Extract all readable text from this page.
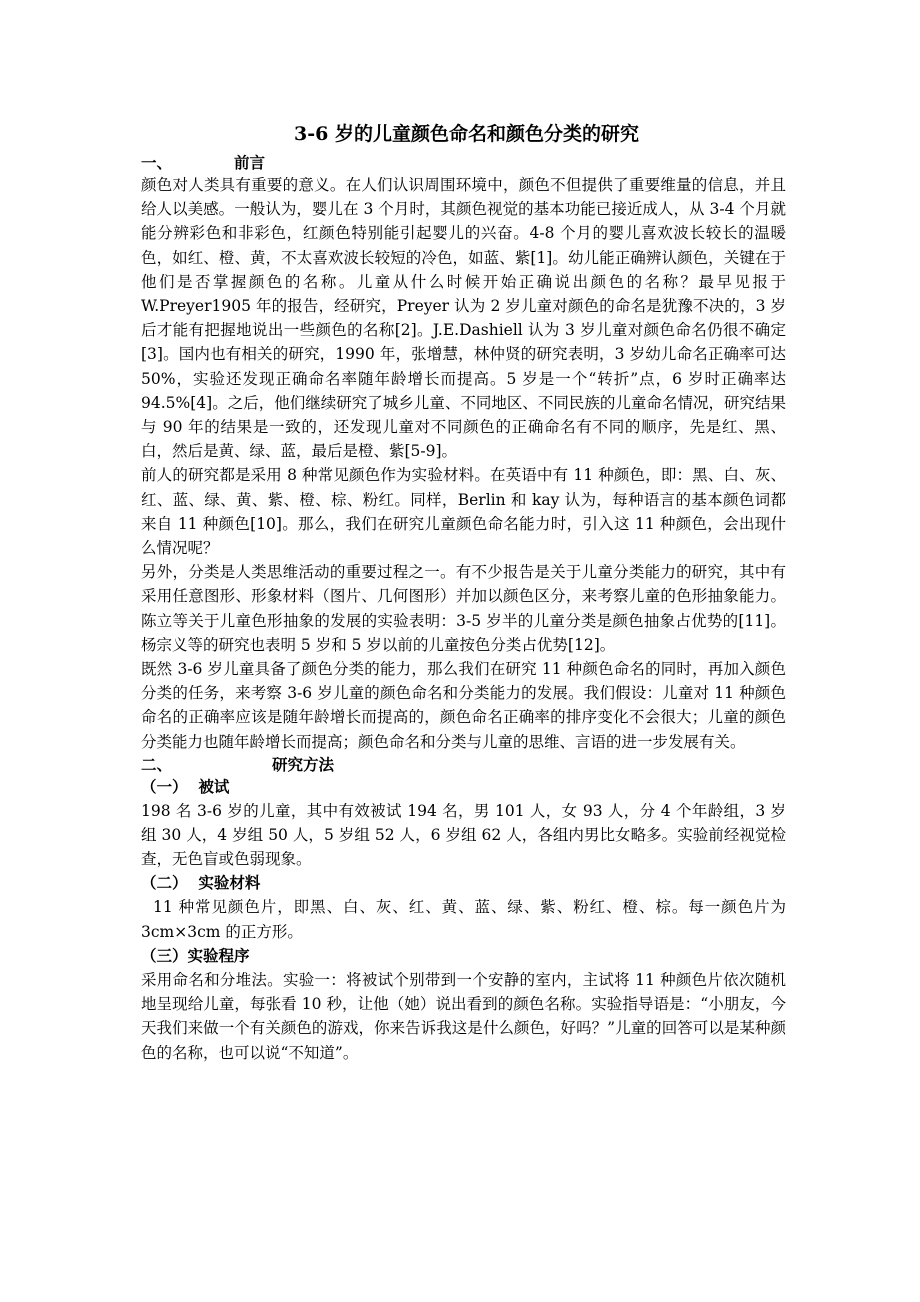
3-6 岁的儿童颜色命名和颜色分类的研究
一、	前言

颜色对人类具有重要的意义。在人们认识周围环境中，颜色不但提供了重要维量的信息，并且给人以美感。一般认为，婴儿在 3 个月时，其颜色视觉的基本功能已接近成人，从 3-4 个月就能分辨彩色和非彩色，红颜色特别能引起婴儿的兴奋。4-8 个月的婴儿喜欢波长较长的温暖色，如红、橙、黄，不太喜欢波长较短的冷色，如蓝、紫[1]。幼儿能正确辨认颜色，关键在于他们是否掌握颜色的名称。儿童从什么时候开始正确说出颜色的名称？最早见报于 W.Preyer1905 年的报告，经研究，Preyer 认为 2 岁儿童对颜色的命名是犹豫不决的，3 岁后才能有把握地说出一些颜色的名称[2]。J.E.Dashiell 认为 3 岁儿童对颜色命名仍很不确定[3]。国内也有相关的研究，1990 年，张增慧，林仲贤的研究表明，3 岁幼儿命名正确率可达 50%，实验还发现正确命名率随年龄增长而提高。5 岁是一个“转折”点，6 岁时正确率达 94.5%[4]。之后，他们继续研究了城乡儿童、不同地区、不同民族的儿童命名情况，研究结果与 90 年的结果是一致的，还发现儿童对不同颜色的正确命名有不同的顺序，先是红、黑、白，然后是黄、绿、蓝，最后是橙、紫[5-9]。

前人的研究都是采用 8 种常见颜色作为实验材料。在英语中有 11 种颜色，即：黑、白、灰、红、蓝、绿、黄、紫、橙、棕、粉红。同样，Berlin 和 kay 认为，每种语言的基本颜色词都来自 11 种颜色[10]。那么，我们在研究儿童颜色命名能力时，引入这 11 种颜色，会出现什么情况呢？

另外，分类是人类思维活动的重要过程之一。有不少报告是关于儿童分类能力的研究，其中有采用任意图形、形象材料（图片、几何图形）并加以颜色区分，来考察儿童的色形抽象能力。陈立等关于儿童色形抽象的发展的实验表明：3-5 岁半的儿童分类是颜色抽象占优势的[11]。杨宗义等的研究也表明 5 岁和 5 岁以前的儿童按色分类占优势[12]。

既然 3-6 岁儿童具备了颜色分类的能力，那么我们在研究 11 种颜色命名的同时，再加入颜色分类的任务，来考察 3-6 岁儿童的颜色命名和分类能力的发展。我们假设：儿童对 11 种颜色命名的正确率应该是随年龄增长而提高的，颜色命名正确率的排序变化不会很大；儿童的颜色分类能力也随年龄增长而提高；颜色命名和分类与儿童的思维、言语的进一步发展有关。

二、	研究方法
（一） 被试

198 名 3-6 岁的儿童，其中有效被试 194 名，男 101 人，女 93 人，分 4 个年龄组，3 岁组 30 人，4 岁组 50 人，5 岁组 52 人，6 岁组 62 人，各组内男比女略多。实验前经视觉检查，无色盲或色弱现象。

（二） 实验材料

11 种常见颜色片，即黑、白、灰、红、黄、蓝、绿、紫、粉红、橙、棕。每一颜色片为 3cm×3cm 的正方形。

（三）实验程序

采用命名和分堆法。实验一：将被试个别带到一个安静的室内，主试将 11 种颜色片依次随机地呈现给儿童，每张看 10 秒，让他（她）说出看到的颜色名称。实验指导语是：“小朋友，今天我们来做一个有关颜色的游戏，你来告诉我这是什么颜色，好吗？”儿童的回答可以是某种颜色的名称，也可以说“不知道”。
